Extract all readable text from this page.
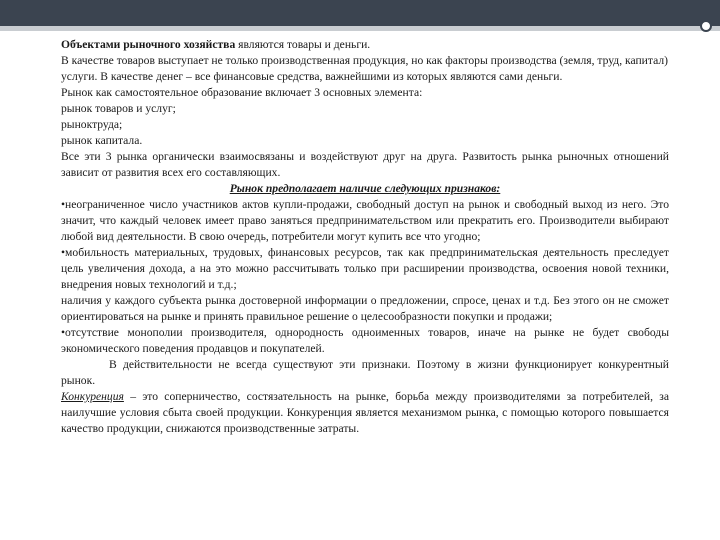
Объектами рыночного хозяйства являются товары и деньги.

В качестве товаров выступает не только производственная продукция, но как факторы производства (земля, труд, капитал) услуги. В качестве денег – все финансовые средства, важнейшими из которых являются сами деньги.

Рынок как самостоятельное образование включает 3 основных элемента:

рынок товаров и услуг;

рыноктруда;

рынок капитала.

Все эти 3 рынка органически взаимосвязаны и воздействуют друг на друга. Развитость рынка рыночных отношений зависит от развития всех его составляющих.

Рынок предполагает наличие следующих признаков:

•неограниченное число участников актов купли-продажи, свободный доступ на рынок и свободный выход из него. Это значит, что каждый человек имеет право заняться предпринимательством или прекратить его. Производители выбирают любой вид деятельности. В свою очередь, потребители могут купить все что угодно;

•мобильность материальных, трудовых, финансовых ресурсов, так как предпринимательская деятельность преследует цель увеличения дохода, а на это можно рассчитывать только при расширении производства, освоения новой техники, внедрения новых технологий и т.д.;

наличия у каждого субъекта рынка достоверной информации о предложении, спросе, ценах и т.д. Без этого он не сможет ориентироваться на рынке и принять правильное решение о целесообразности покупки и продажи;

•отсутствие монополии производителя, однородность одноименных товаров, иначе на рынке не будет свободы экономического поведения продавцов и покупателей.

В действительности не всегда существуют эти признаки. Поэтому в жизни функционирует конкурентный рынок.

Конкуренция – это соперничество, состязательность на рынке, борьба между производителями за потребителей, за наилучшие условия сбыта своей продукции. Конкуренция является механизмом рынка, с помощью которого повышается качество продукции, снижаются производственные затраты.
